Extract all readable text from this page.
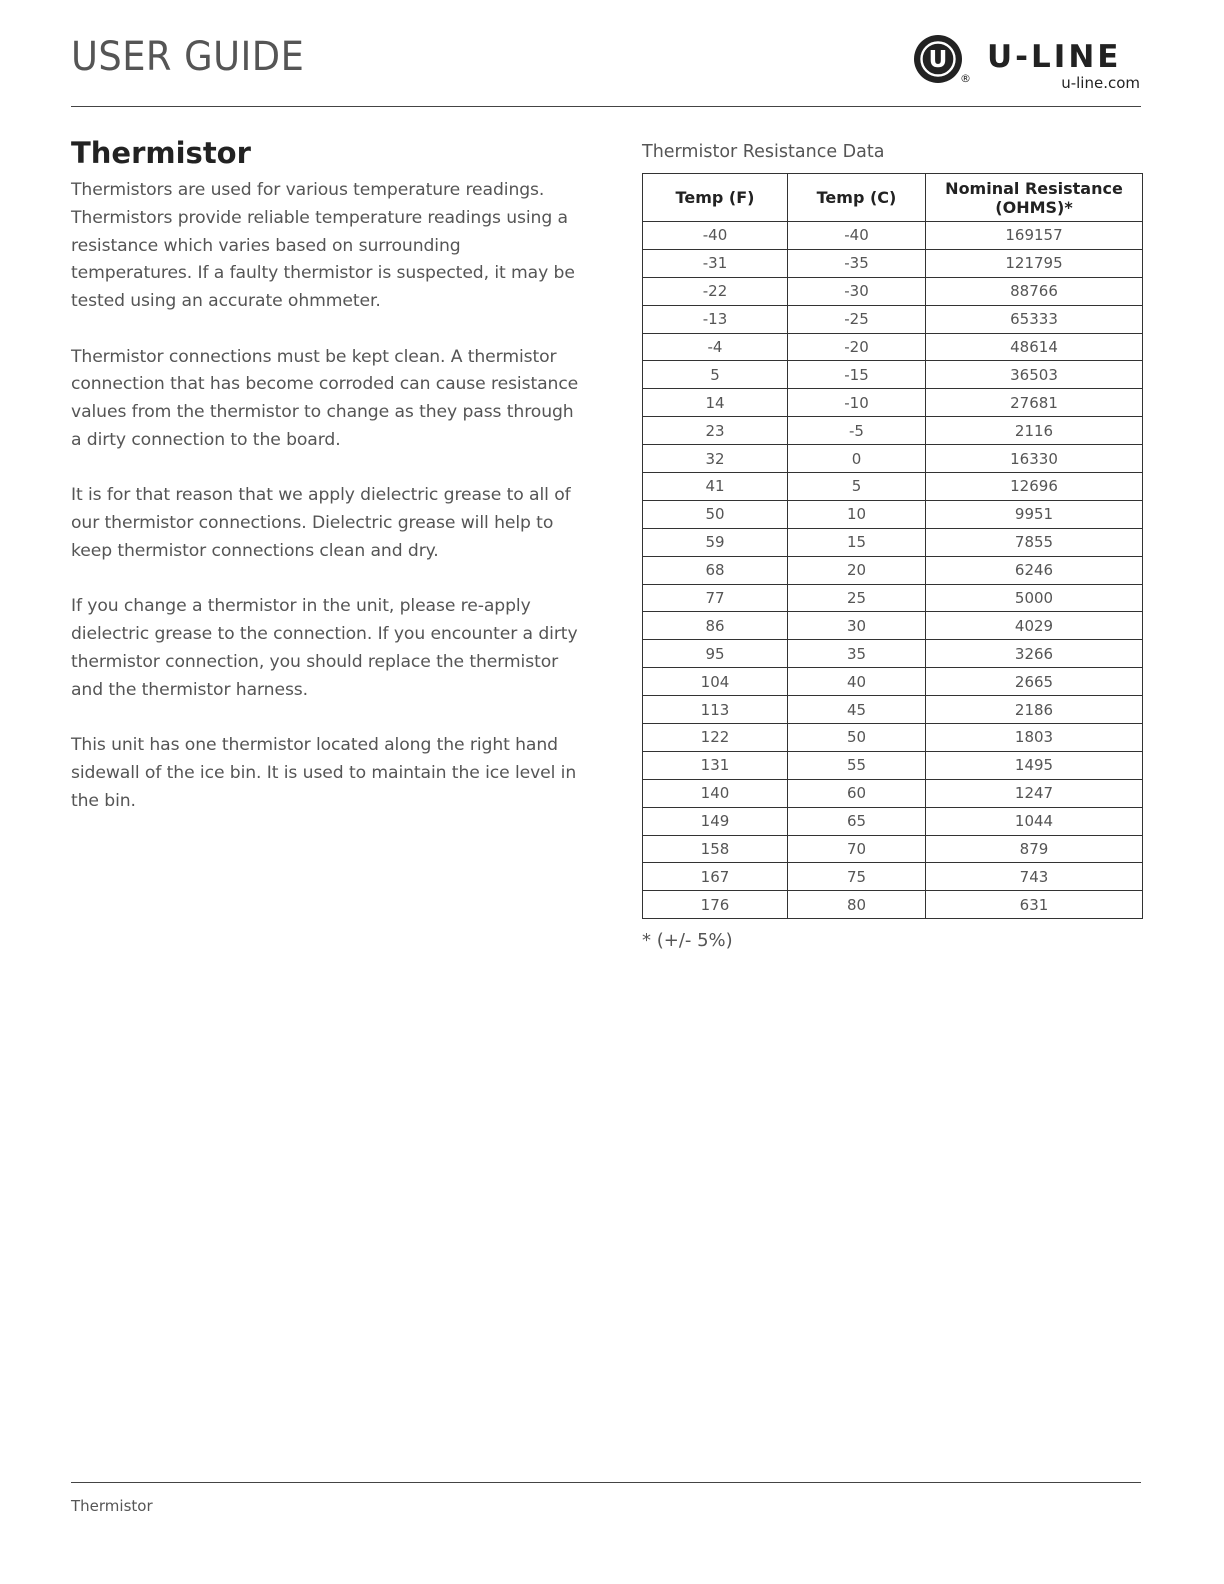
USER GUIDE	U
®
U-LINE
u-line.com
Thermistor

Thermistors are used for various temperature readings. Thermistors provide reliable temperature readings using a resistance which varies based on surrounding temperatures. If a faulty thermistor is suspected, it may be tested using an accurate ohmmeter.

Thermistor connections must be kept clean. A thermistor connection that has become corroded can cause resistance values from the thermistor to change as they pass through a dirty connection to the board.

It is for that reason that we apply dielectric grease to all of our thermistor connections. Dielectric grease will help to keep thermistor connections clean and dry.

If you change a thermistor in the unit, please re-apply dielectric grease to the connection. If you encounter a dirty thermistor connection, you should replace the thermistor and the thermistor harness.

This unit has one thermistor located along the right hand sidewall of the ice bin. It is used to maintain the ice level in the bin.

Thermistor Resistance Data
Temp (F)	Temp (C)	Nominal Resistance (OHMS)*
-40	-40	169157
-31	-35	121795
-22	-30	88766
-13	-25	65333
-4	-20	48614
5	-15	36503
14	-10	27681
23	-5	2116
32	0	16330
41	5	12696
50	10	9951
59	15	7855
68	20	6246
77	25	5000
86	30	4029
95	35	3266
104	40	2665
113	45	2186
122	50	1803
131	55	1495
140	60	1247
149	65	1044
158	70	879
167	75	743
176	80	631
* (+/- 5%)
Thermistor
